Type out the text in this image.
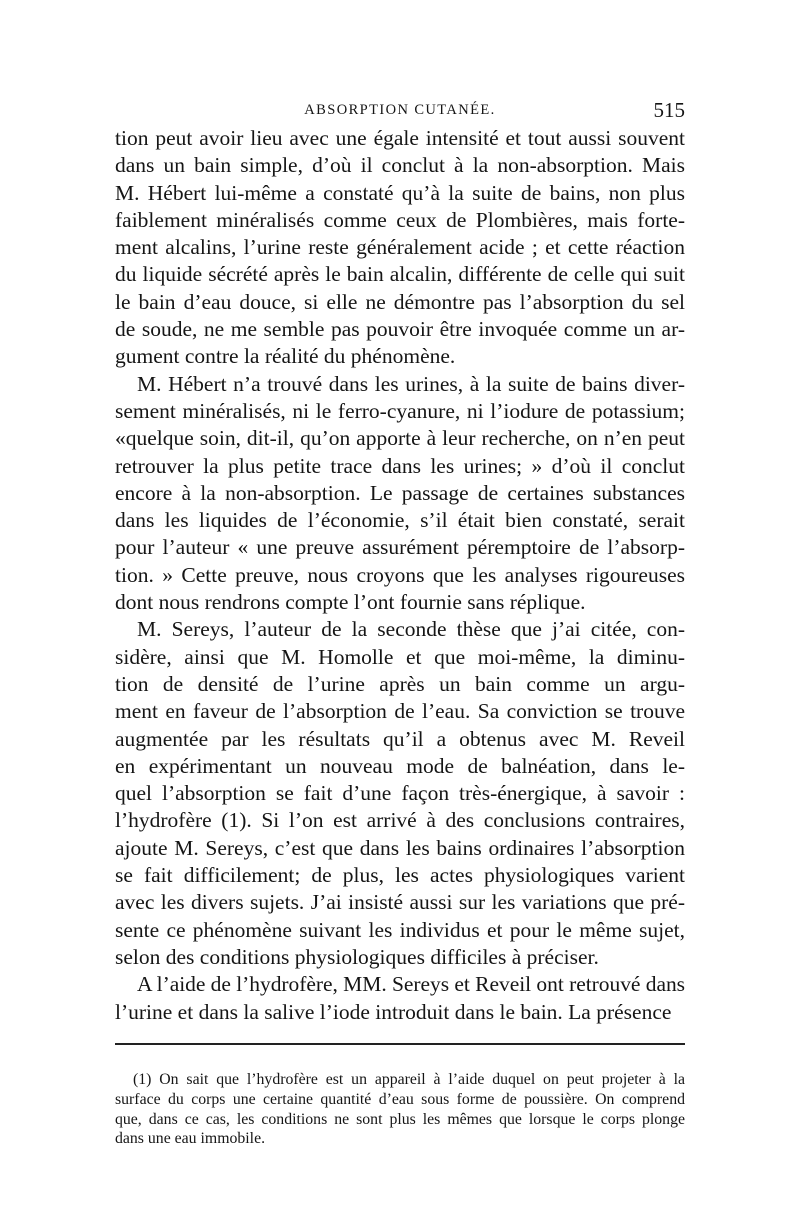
ABSORPTION CUTANÉE.	515
tion peut avoir lieu avec une égale intensité et tout aussi souvent
dans un bain simple, d’où il conclut à la non-absorption. Mais
M. Hébert lui-même a constaté qu’à la suite de bains, non plus
faiblement minéralisés comme ceux de Plombières, mais forte-
ment alcalins, l’urine reste généralement acide ; et cette réaction
du liquide sécrété après le bain alcalin, différente de celle qui suit
le bain d’eau douce, si elle ne démontre pas l’absorption du sel
de soude, ne me semble pas pouvoir être invoquée comme un ar-
gument contre la réalité du phénomène.
M. Hébert n’a trouvé dans les urines, à la suite de bains diver-
sement minéralisés, ni le ferro-cyanure, ni l’iodure de potassium;
«quelque soin, dit-il, qu’on apporte à leur recherche, on n’en peut
retrouver la plus petite trace dans les urines; » d’où il conclut
encore à la non-absorption. Le passage de certaines substances
dans les liquides de l’économie, s’il était bien constaté, serait
pour l’auteur « une preuve assurément péremptoire de l’absorp-
tion. » Cette preuve, nous croyons que les analyses rigoureuses
dont nous rendrons compte l’ont fournie sans réplique.
M. Sereys, l’auteur de la seconde thèse que j’ai citée, con-
sidère, ainsi que M. Homolle et que moi-même, la diminu-
tion de densité de l’urine après un bain comme un argu-
ment en faveur de l’absorption de l’eau. Sa conviction se trouve
augmentée par les résultats qu’il a obtenus avec M. Reveil
en expérimentant un nouveau mode de balnéation, dans le-
quel l’absorption se fait d’une façon très-énergique, à savoir :
l’hydrofère (1). Si l’on est arrivé à des conclusions contraires,
ajoute M. Sereys, c’est que dans les bains ordinaires l’absorption
se fait difficilement; de plus, les actes physiologiques varient
avec les divers sujets. J’ai insisté aussi sur les variations que pré-
sente ce phénomène suivant les individus et pour le même sujet,
selon des conditions physiologiques difficiles à préciser.
A l’aide de l’hydrofère, MM. Sereys et Reveil ont retrouvé dans
l’urine et dans la salive l’iode introduit dans le bain. La présence
(1) On sait que l’hydrofère est un appareil à l’aide duquel on peut projeter à la
surface du corps une certaine quantité d’eau sous forme de poussière. On comprend
que, dans ce cas, les conditions ne sont plus les mêmes que lorsque le corps plonge
dans une eau immobile.
